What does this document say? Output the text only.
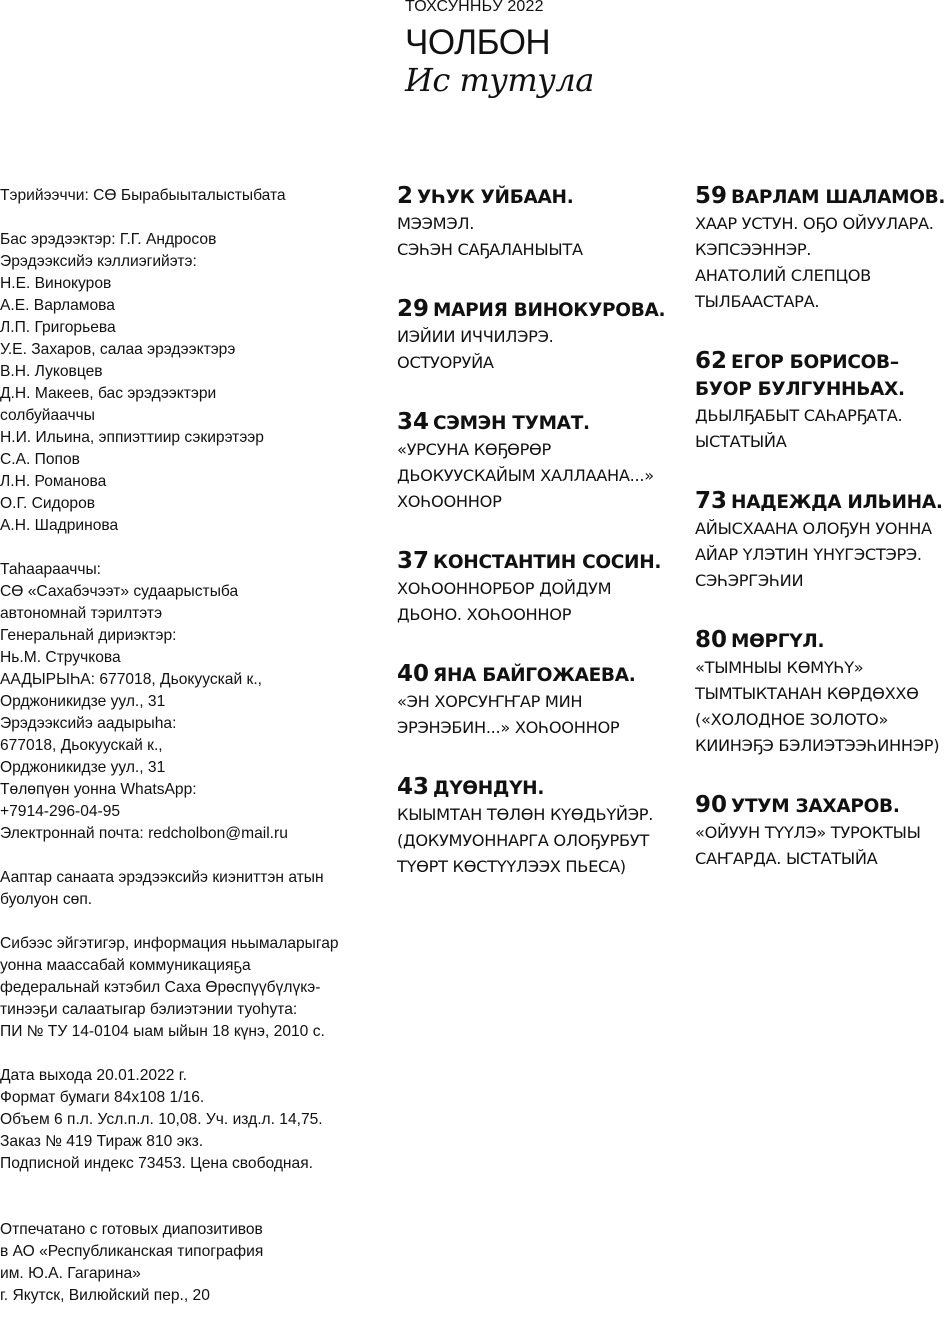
ТОХСУННЬУ 2022
ЧОЛБОН
Ис тутула
Тэрийээччи: СӨ Бырабыыталыстыбата
Бас эрэдээктэр: Г.Г. Андросов
Эрэдээксийэ кэллиэгийэтэ:
Н.Е. Винокуров
А.Е. Варламова
Л.П. Григорьева
У.Е. Захаров, салаа эрэдээктэрэ
В.Н. Луковцев
Д.Н. Макеев, бас эрэдээктэри
солбуйааччы
Н.И. Ильина, эппиэттиир сэкирэтээр
С.А. Попов
Л.Н. Романова
О.Г. Сидоров
А.Н. Шадринова
Таһаарааччы:
СӨ «Сахабэчээт» судаарыстыба
автономнай тэрилтэтэ
Генеральнай дириэктэр:
Нь.М. Стручкова
ААДЫРЫҺА: 677018, Дьокуускай к.,
Орджоникидзе уул., 31
Эрэдээксийэ аадырыһа:
677018, Дьокуускай к.,
Орджоникидзе уул., 31
Төлөпүөн уонна WhatsApp:
+7914-296-04-95
Электроннай почта: redcholbon@mail.ru
Ааптар санаата эрэдээксийэ киэниттэн атын
буолуон сөп.
Сибээс эйгэтигэр, информация ньымаларыгар
уонна маассабай коммуникацияҕа
федеральнай кэтэбил Саха Өрөспүүбүлүкэ-
тинээҕи салаатыгар бэлиэтэнии туоһута:
ПИ № ТУ 14-0104 ыам ыйын 18 күнэ, 2010 с.
Дата выхода 20.01.2022 г.
Формат бумаги 84х108 1/16.
Объем 6 п.л. Усл.п.л. 10,08. Уч. изд.л. 14,75.
Заказ № 419 Тираж 810 экз.
Подписной индекс 73453. Цена свободная.
Отпечатано с готовых диапозитивов
в АО «Республиканская типография
им. Ю.А. Гагарина»
г. Якутск, Вилюйский пер., 20
2 УҺУК УЙБААН.
МЭЭМЭЛ.
СЭҺЭН САҔАЛАНЫЫТА
29 МАРИЯ ВИНОКУРОВА.
ИЭЙИИ ИЧЧИЛЭРЭ.
ОСТУОРУЙА
34 СЭМЭН ТУМАТ.
«УРСУНА КӨҔӨРӨР
ДЬОКУУСКАЙЫМ ХАЛЛААНА...»
ХОҺООННОР
37 КОНСТАНТИН СОСИН.
ХОҺООННОРБОР ДОЙДУМ
ДЬОНО. ХОҺООННОР
40 ЯНА БАЙГОЖАЕВА.
«ЭН ХОРСУҤҤАР МИН
ЭРЭНЭБИН...» ХОҺООННОР
43 ДҮӨНДҮН.
КЫЫМТАН ТӨЛӨН КҮӨДЬҮЙЭР.
(ДОКУМУОННАРГА ОЛОҔУРБУТ
ТҮӨРТ КӨСТҮҮЛЭЭХ ПЬЕСА)
59 ВАРЛАМ ШАЛАМОВ.
ХААР УСТУН. ОҔО ОЙУУЛАРА.
КЭПСЭЭННЭР.
АНАТОЛИЙ СЛЕПЦОВ
ТЫЛБААСТАРА.
62 ЕГОР БОРИСОВ–
БУОР БУЛГУННЬАХ.
ДЬЫЛҔАБЫТ САҺАРҔАТА.
ЫСТАТЫЙА
73 НАДЕЖДА ИЛЬИНА.
АЙЫСХААНА ОЛОҔУН УОННА
АЙАР ҮЛЭТИН ҮНҮГЭСТЭРЭ.
СЭҺЭРГЭҺИИ
80 МӨРГҮЛ.
«ТЫМНЫЫ КӨМҮҺҮ»
ТЫМТЫКТАНАН КӨРДӨХХӨ
(«ХОЛОДНОЕ ЗОЛОТО»
КИИНЭҔЭ БЭЛИЭТЭЭҺИННЭР)
90 УТУМ ЗАХАРОВ.
«ОЙУУН ТҮҮЛЭ» ТУРОКТЫЫ
САҤАРДА. ЫСТАТЫЙА
